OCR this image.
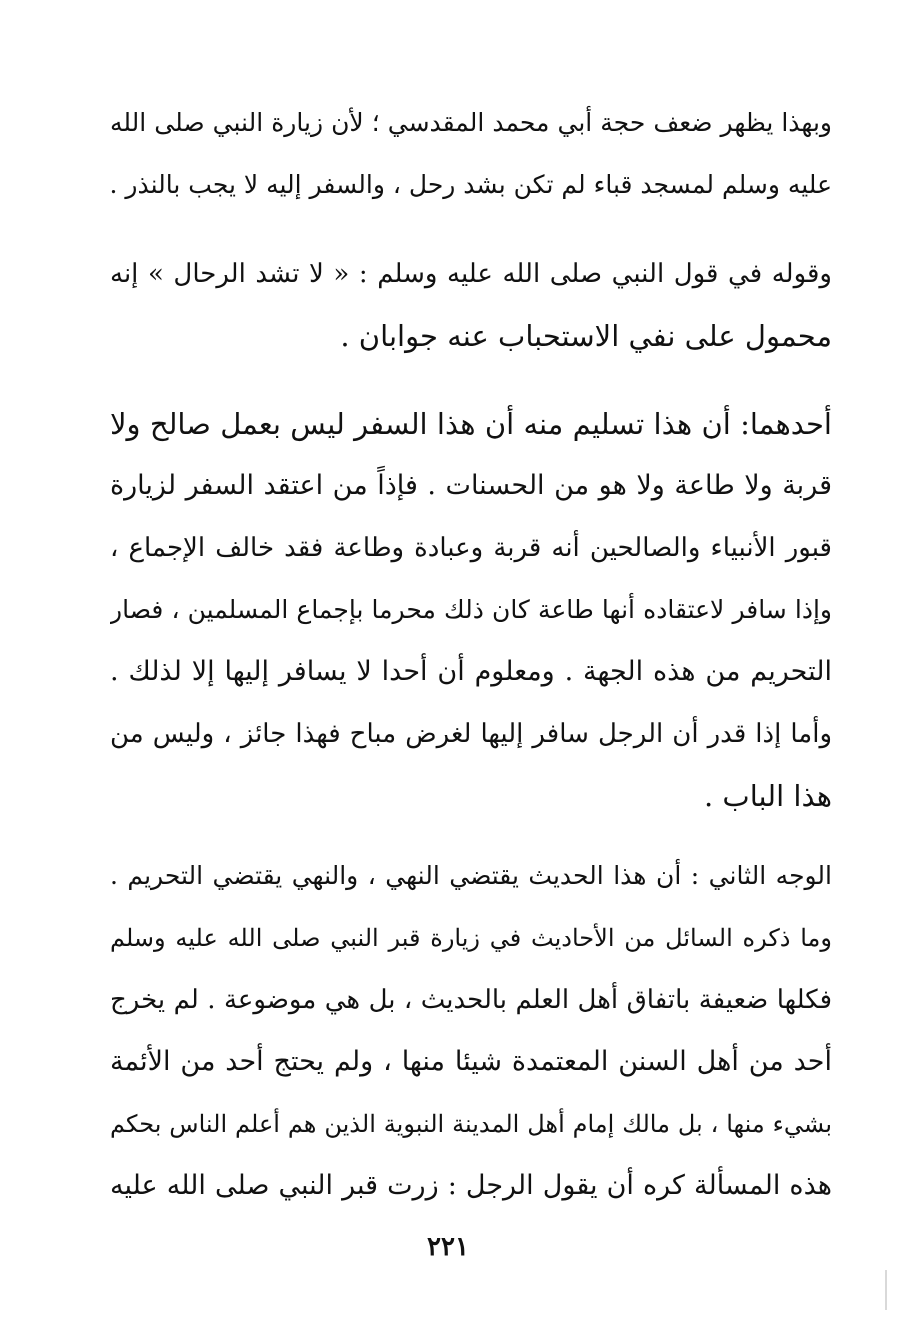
وبهذا يظهر ضعف حجة أبي محمد المقدسي ؛ لأن زيارة النبي صلى الله
عليه وسلم لمسجد قباء لم تكن بشد رحل ، والسفر إليه لا يجب بالنذر .
وقوله في قول النبي صلى الله عليه وسلم : « لا تشد الرحال » إنه
محمول على نفي الاستحباب عنه جوابان .
أحدهما: أن هذا تسليم منه أن هذا السفر ليس بعمل صالح ولا
قربة ولا طاعة ولا هو من الحسنات . فإذاً من اعتقد السفر لزيارة
قبور الأنبياء والصالحين أنه قربة وعبادة وطاعة فقد خالف الإجماع ،
وإذا سافر لاعتقاده أنها طاعة كان ذلك محرما بإجماع المسلمين ، فصار
التحريم من هذه الجهة . ومعلوم أن أحدا لا يسافر إليها إلا لذلك .
وأما إذا قدر أن الرجل سافر إليها لغرض مباح فهذا جائز ، وليس من
هذا الباب .
الوجه الثاني : أن هذا الحديث يقتضي النهي ، والنهي يقتضي التحريم .
وما ذكره السائل من الأحاديث في زيارة قبر النبي صلى الله عليه وسلم
فكلها ضعيفة باتفاق أهل العلم بالحديث ، بل هي موضوعة . لم يخرج
أحد من أهل السنن المعتمدة شيئا منها ، ولم يحتج أحد من الأئمة
بشيء منها ، بل مالك إمام أهل المدينة النبوية الذين هم أعلم الناس بحكم
هذه المسألة كره أن يقول الرجل : زرت قبر النبي صلى الله عليه
٢٢١
